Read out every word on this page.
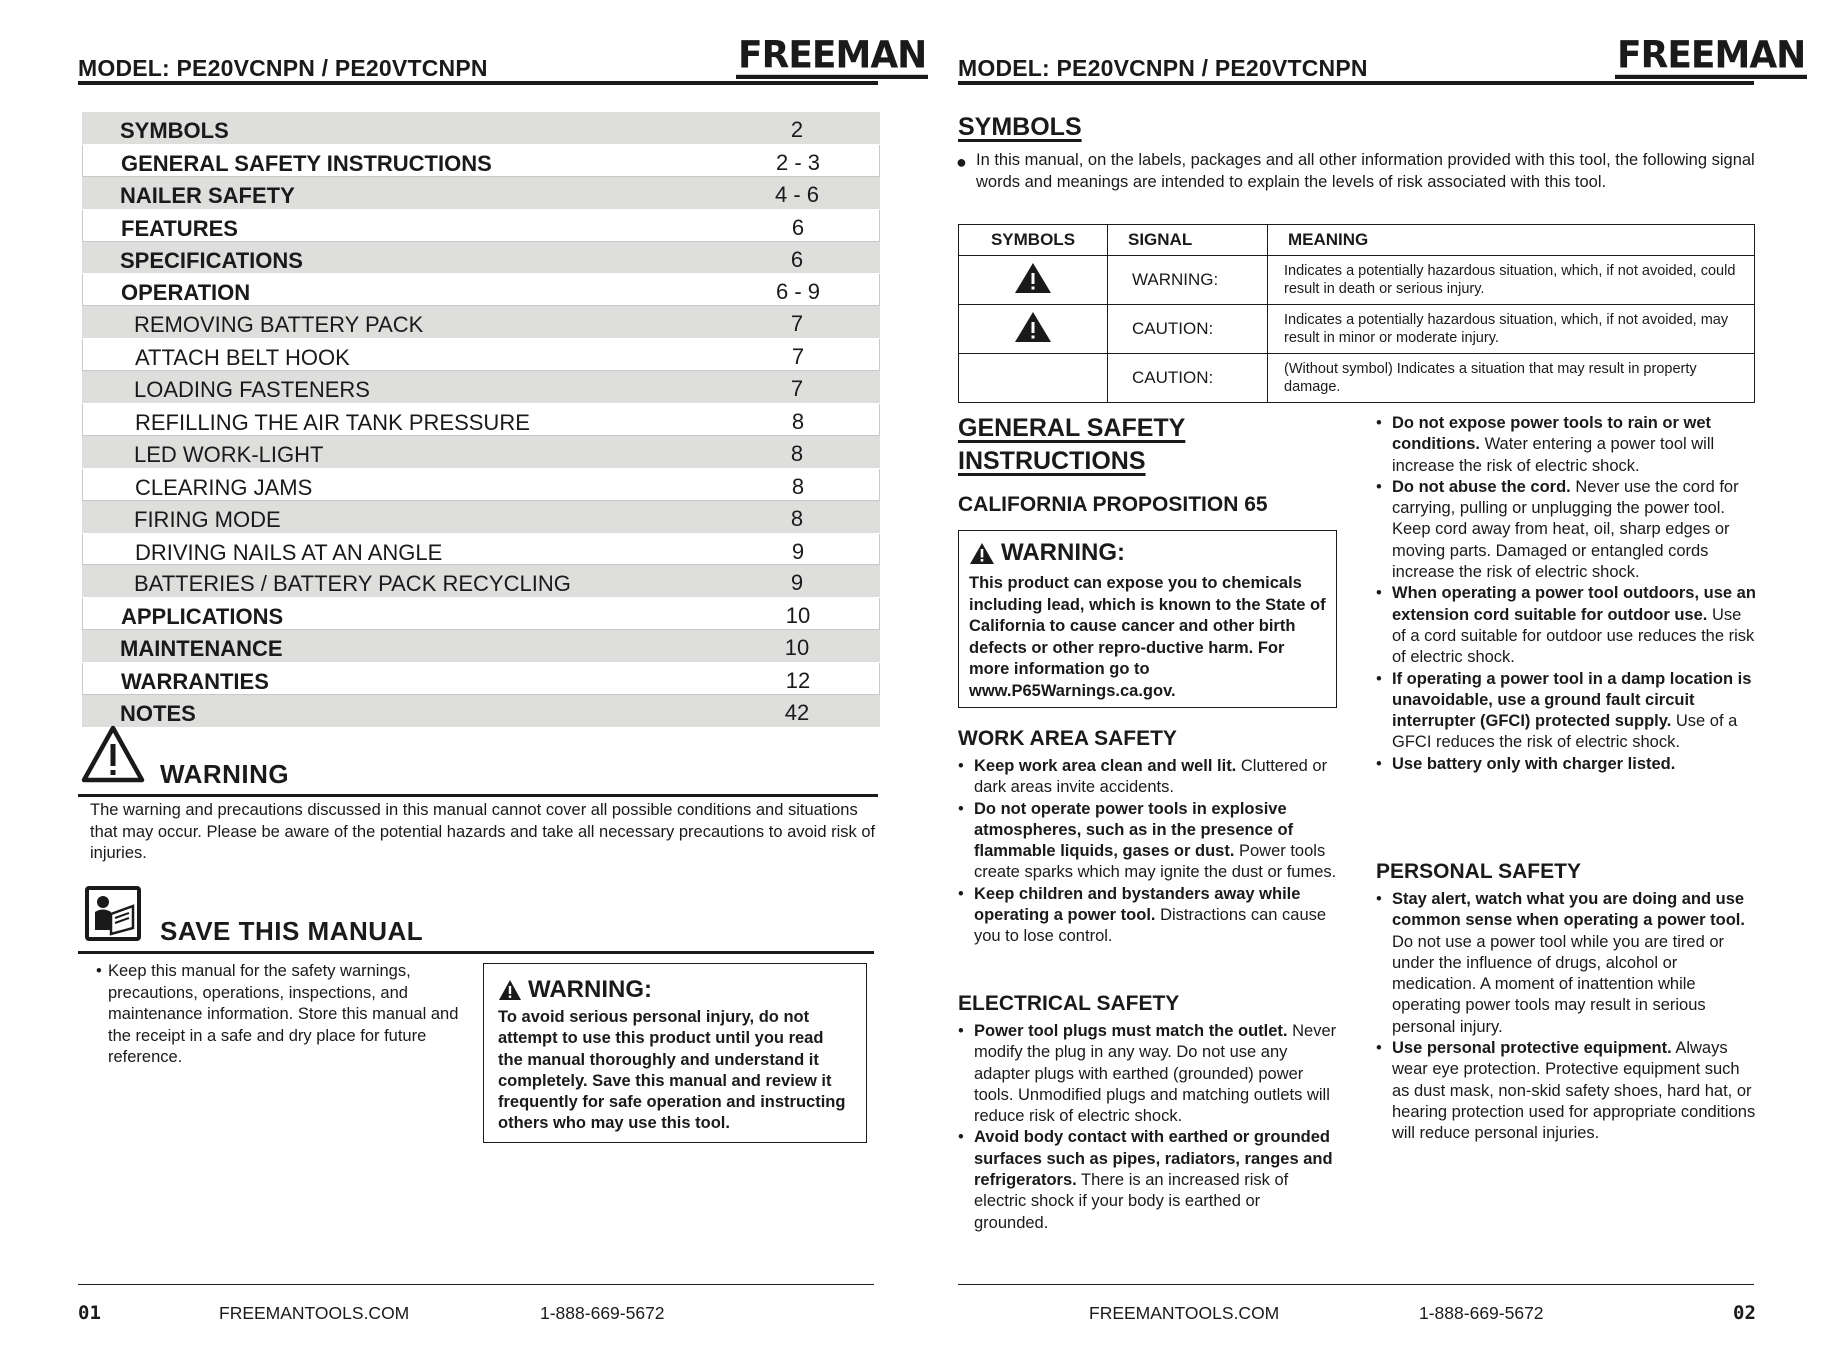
MODEL: PE20VCNPN / PE20VTCNPN	FREEMAN
SYMBOLS	2
GENERAL SAFETY INSTRUCTIONS	2 - 3
NAILER SAFETY	4 - 6
FEATURES	6
SPECIFICATIONS	6
OPERATION	6 - 9
REMOVING BATTERY PACK	7
ATTACH BELT HOOK	7
LOADING FASTENERS	7
REFILLING THE AIR TANK PRESSURE	8
LED WORK-LIGHT	8
CLEARING JAMS	8
FIRING MODE	8
DRIVING NAILS AT AN ANGLE	9
BATTERIES / BATTERY PACK RECYCLING	9
APPLICATIONS	10
MAINTENANCE	10
WARRANTIES	12
NOTES	42
WARNING
The warning and precautions discussed in this manual cannot cover all possible conditions and situations that may occur. Please be aware of the potential hazards and take all necessary precautions to avoid risk of injuries.
SAVE THIS MANUAL
• Keep this manual for the safety warnings, precautions, operations, inspections, and maintenance information. Store this manual and the receipt in a safe and dry place for future reference.
WARNING:
To avoid serious personal injury, do not attempt to use this product until you read the manual thoroughly and understand it completely. Save this manual and review it frequently for safe operation and instructing others who may use this tool.
01	FREEMANTOOLS.COM	1-888-669-5672
MODEL: PE20VCNPN / PE20VTCNPN	FREEMAN
SYMBOLS
● In this manual, on the labels, packages and all other information provided with this tool, the following signal words and meanings are intended to explain the levels of risk associated with this tool.
SYMBOLS	SIGNAL	MEANING
	WARNING:	Indicates a potentially hazardous situation, which, if not avoided, could result in death or serious injury.
	CAUTION:	Indicates a potentially hazardous situation, which, if not avoided, may result in minor or moderate injury.
	CAUTION:	(Without symbol) Indicates a situation that may result in property damage.
GENERAL SAFETY
INSTRUCTIONS
CALIFORNIA PROPOSITION 65
WARNING:
This product can expose you to chemicals including lead, which is known to the State of California to cause cancer and other birth defects or other repro-ductive harm. For more information go to www.P65Warnings.ca.gov.
WORK AREA SAFETY
• Keep work area clean and well lit. Cluttered or dark areas invite accidents.
• Do not operate power tools in explosive atmospheres, such as in the presence of flammable liquids, gases or dust. Power tools create sparks which may ignite the dust or fumes.
• Keep children and bystanders away while operating a power tool. Distractions can cause you to lose control.
ELECTRICAL SAFETY
• Power tool plugs must match the outlet. Never modify the plug in any way. Do not use any adapter plugs with earthed (grounded) power tools. Unmodified plugs and matching outlets will reduce risk of electric shock.
• Avoid body contact with earthed or grounded surfaces such as pipes, radiators, ranges and refrigerators. There is an increased risk of electric shock if your body is earthed or grounded.
• Do not expose power tools to rain or wet conditions. Water entering a power tool will increase the risk of electric shock.
• Do not abuse the cord. Never use the cord for carrying, pulling or unplugging the power tool. Keep cord away from heat, oil, sharp edges or moving parts. Damaged or entangled cords increase the risk of electric shock.
• When operating a power tool outdoors, use an extension cord suitable for outdoor use. Use of a cord suitable for outdoor use reduces the risk of electric shock.
• If operating a power tool in a damp location is unavoidable, use a ground fault circuit interrupter (GFCI) protected supply. Use of a GFCI reduces the risk of electric shock.
• Use battery only with charger listed.
PERSONAL SAFETY
• Stay alert, watch what you are doing and use common sense when operating a power tool. Do not use a power tool while you are tired or under the influence of drugs, alcohol or medication. A moment of inattention while operating power tools may result in serious personal injury.
• Use personal protective equipment. Always wear eye protection. Protective equipment such as dust mask, non-skid safety shoes, hard hat, or hearing protection used for appropriate conditions will reduce personal injuries.
FREEMANTOOLS.COM	1-888-669-5672	02
